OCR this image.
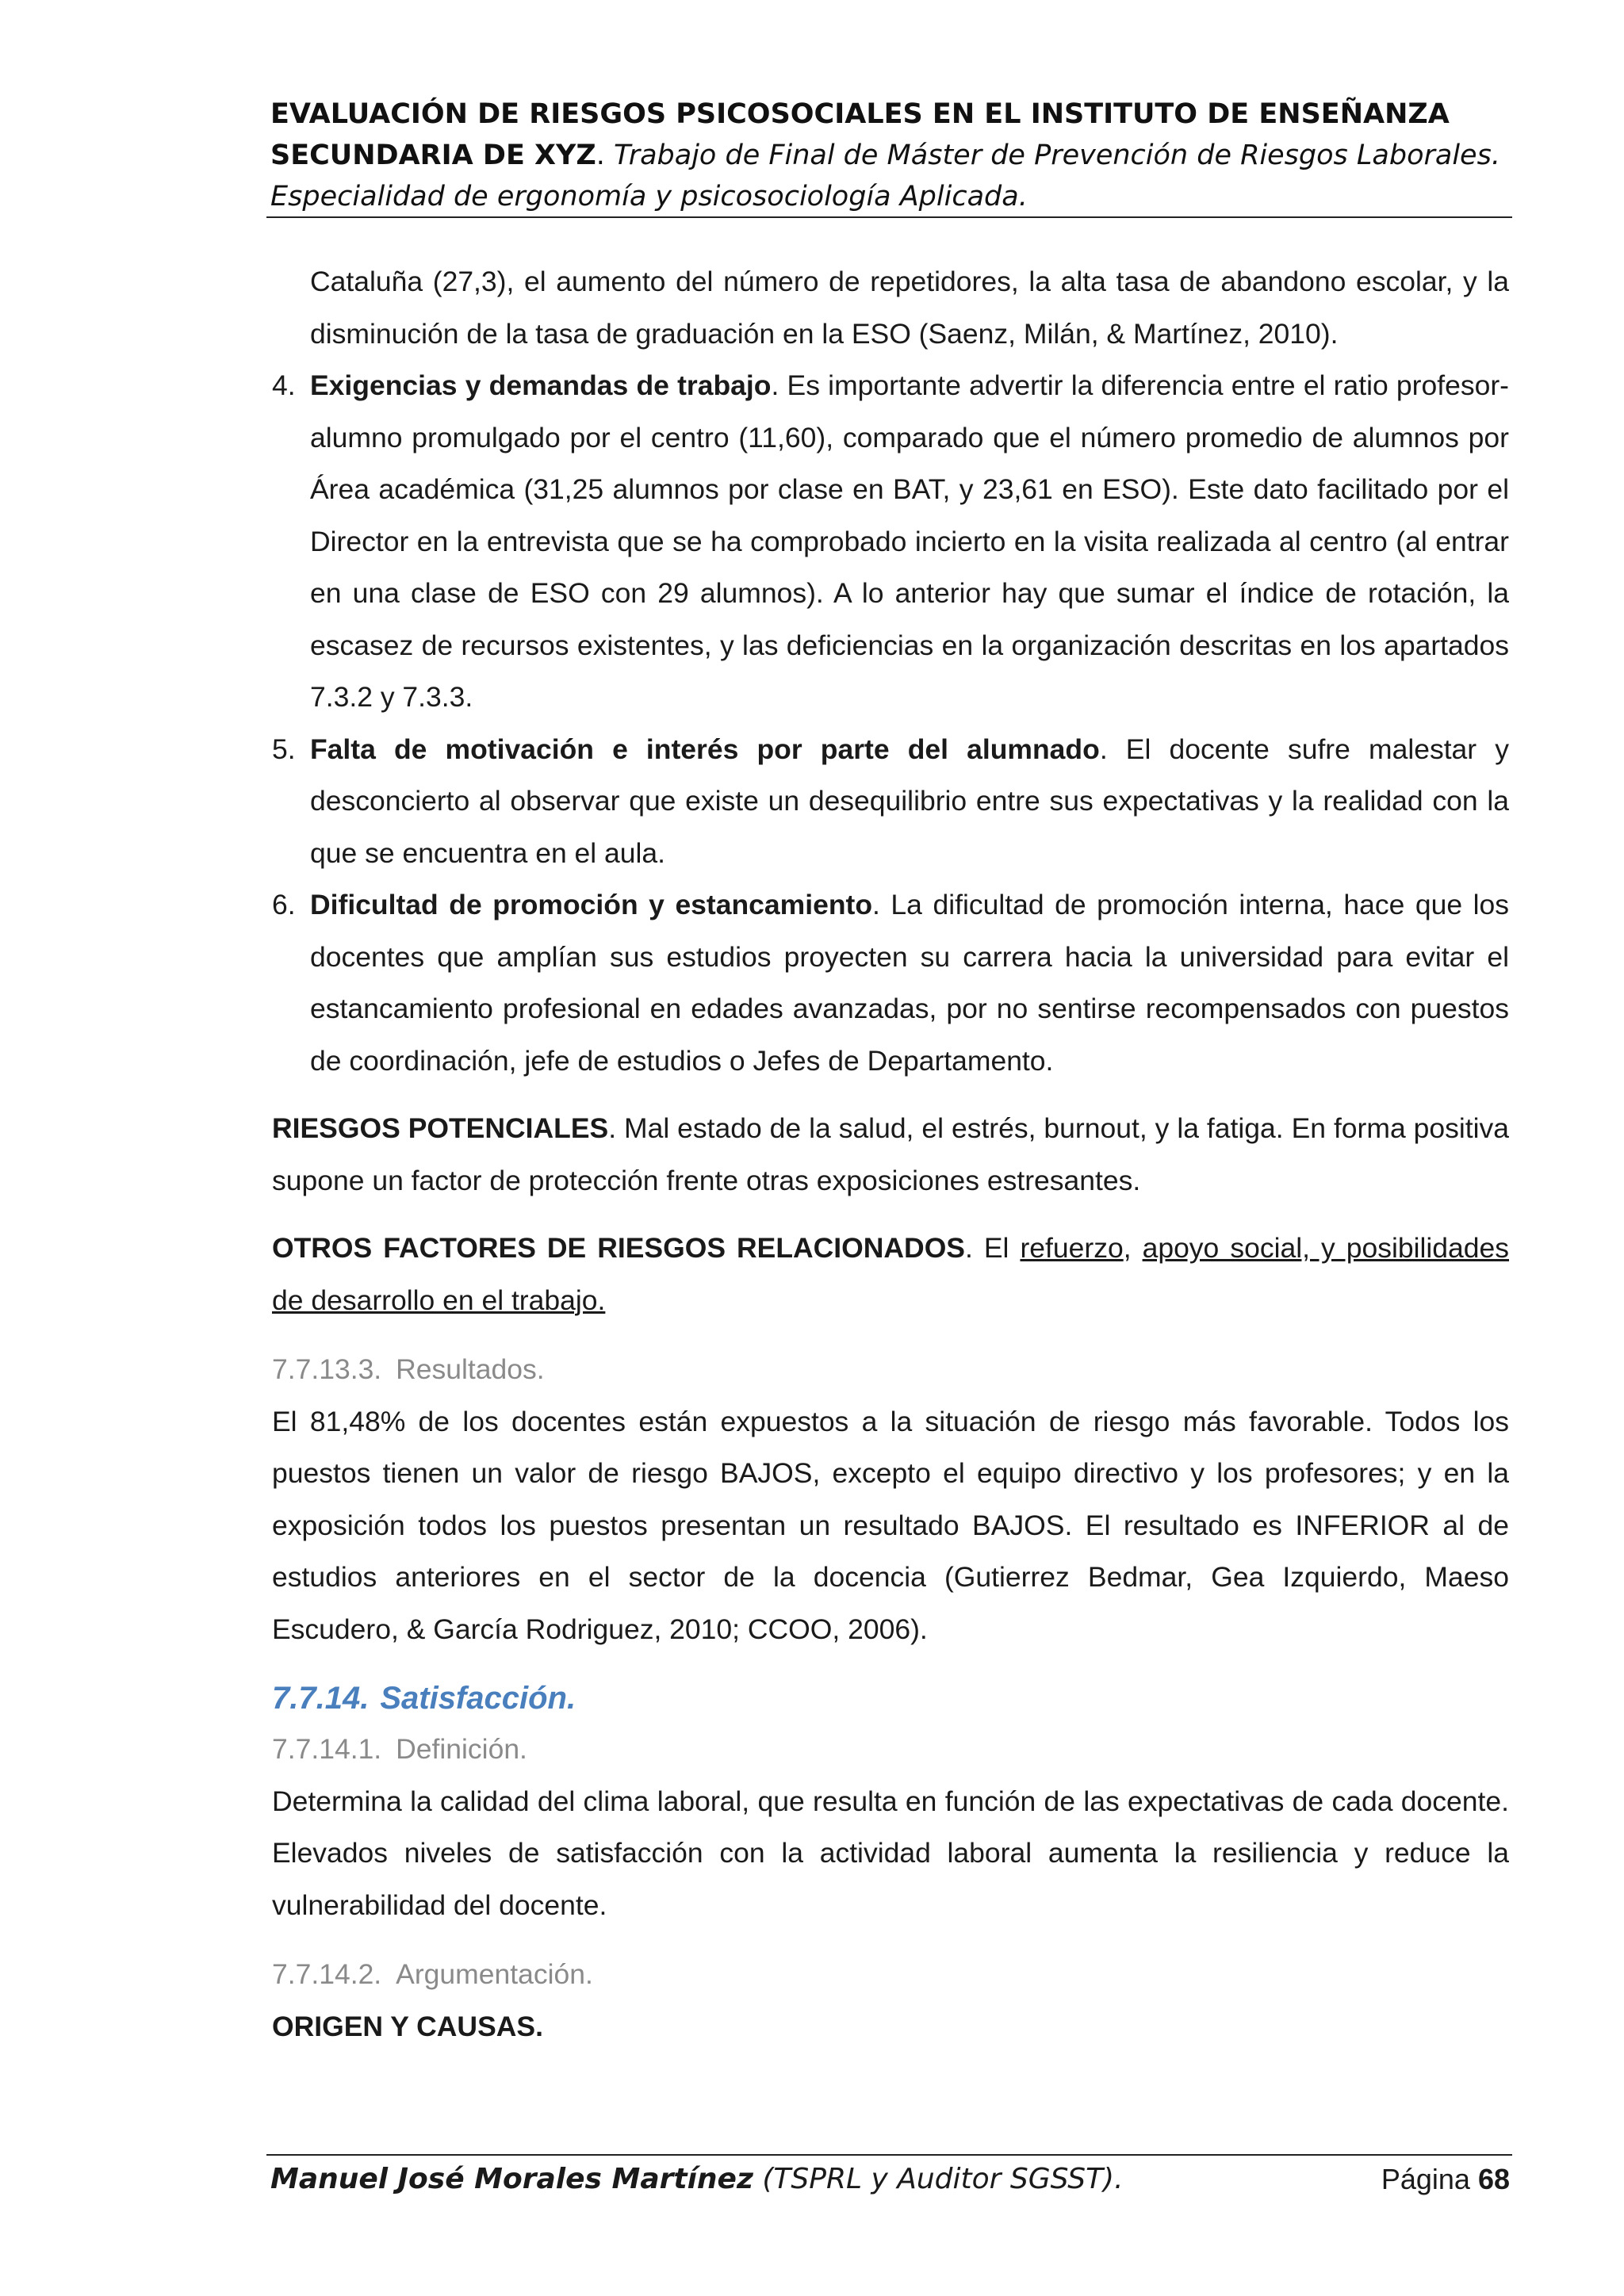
EVALUACIÓN DE RIESGOS PSICOSOCIALES EN EL INSTITUTO DE ENSEÑANZA SECUNDARIA DE XYZ. Trabajo de Final de Máster de Prevención de Riesgos Laborales. Especialidad de ergonomía y psicosociología Aplicada.
Cataluña (27,3), el aumento del número de repetidores, la alta tasa de abandono escolar, y la disminución de la tasa de graduación en la ESO (Saenz, Milán, & Martínez, 2010).
4. Exigencias y demandas de trabajo. Es importante advertir la diferencia entre el ratio profesor-alumno promulgado por el centro (11,60), comparado que el número promedio de alumnos por Área académica (31,25 alumnos por clase en BAT, y 23,61 en ESO). Este dato facilitado por el Director en la entrevista que se ha comprobado incierto en la visita realizada al centro (al entrar en una clase de ESO con 29 alumnos). A lo anterior hay que sumar el índice de rotación, la escasez de recursos existentes, y las deficiencias en la organización descritas en los apartados 7.3.2 y 7.3.3.
5. Falta de motivación e interés por parte del alumnado. El docente sufre malestar y desconcierto al observar que existe un desequilibrio entre sus expectativas y la realidad con la que se encuentra en el aula.
6. Dificultad de promoción y estancamiento. La dificultad de promoción interna, hace que los docentes que amplían sus estudios proyecten su carrera hacia la universidad para evitar el estancamiento profesional en edades avanzadas, por no sentirse recompensados con puestos de coordinación, jefe de estudios o Jefes de Departamento.
RIESGOS POTENCIALES. Mal estado de la salud, el estrés, burnout, y la fatiga. En forma positiva supone un factor de protección frente otras exposiciones estresantes.
OTROS FACTORES DE RIESGOS RELACIONADOS. El refuerzo, apoyo social, y posibilidades de desarrollo en el trabajo.
7.7.13.3. Resultados.
El 81,48% de los docentes están expuestos a la situación de riesgo más favorable. Todos los puestos tienen un valor de riesgo BAJOS, excepto el equipo directivo y los profesores; y en la exposición todos los puestos presentan un resultado BAJOS. El resultado es INFERIOR al de estudios anteriores en el sector de la docencia (Gutierrez Bedmar, Gea Izquierdo, Maeso Escudero, & García Rodriguez, 2010; CCOO, 2006).
7.7.14. Satisfacción.
7.7.14.1. Definición.
Determina la calidad del clima laboral, que resulta en función de las expectativas de cada docente. Elevados niveles de satisfacción con la actividad laboral aumenta la resiliencia y reduce la vulnerabilidad del docente.
7.7.14.2. Argumentación.
ORIGEN Y CAUSAS.
Manuel José Morales Martínez (TSPRL y Auditor SGSST).	Página 68
